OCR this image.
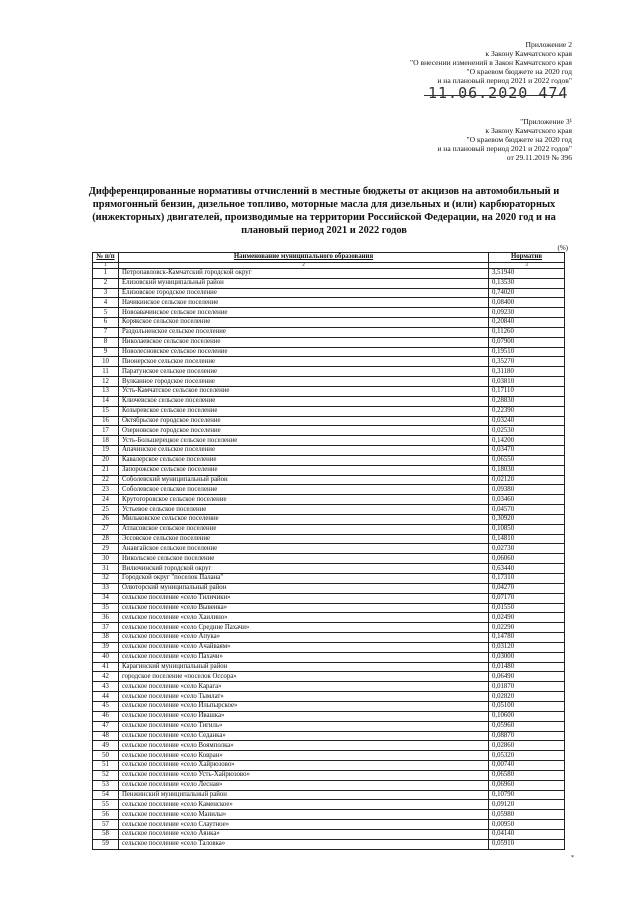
Приложение 2
к Закону Камчатского края
"О внесении изменений в Закон Камчатского края
"О краевом бюджете на 2020 год
и на плановый период 2021 и 2022 годов"
11.06.2020 474
"Приложение 3¹
к Закону Камчатского края
"О краевом бюджете на 2020 год
и на плановый период 2021 и 2022 годов"
от 29.11.2019 № 396
Дифференцированные нормативы отчислений в местные бюджеты от акцизов на автомобильный и прямогонный бензин, дизельное топливо, моторные масла для дизельных и (или) карбюраторных (инжекторных) двигателей, производимые на территории Российской Федерации, на 2020 год и на плановый период 2021 и 2022 годов
(%)
№ п/п	Наименование муниципального образования	Норматив
1	2	3
1	Петропавловск-Камчатский городской округ	3,51940
2	Елизовский муниципальный район	0,13530
3	Елизовское городское поселение	0,74020
4	Начикинское сельское поселение	0,08400
5	Новоавачинское сельское поселение	0,09230
6	Корякское сельское поселение	0,20840
7	Раздольненское сельское поселение	0,11260
8	Николаевское сельское поселение	0,07900
9	Новолесновское сельское поселение	0,19510
10	Пионерское сельское поселение	0,35270
11	Паратунское сельское поселение	0,31180
12	Вулканное городское поселение	0,03810
13	Усть-Камчатское сельское поселение	0,17110
14	Ключевское сельское поселение	0,28830
15	Козыревское сельское поселение	0,22390
16	Октябрьское городское поселение	0,03240
17	Озерновское городское поселение	0,02530
18	Усть-Большерецкое сельское поселение	0,14200
19	Апачинское сельское поселение	0,03470
20	Кавалерское сельское поселение	0,06550
21	Запорожское сельское поселение	0,18030
22	Соболевский муниципальный район	0,02120
23	Соболевское сельское поселение	0,09380
24	Крутогоровское сельское поселение	0,03460
25	Устьевое сельское поселение	0,04570
26	Мильковское сельское поселение	0,30920
27	Атласовское сельское поселение	0,10850
28	Эссовское сельское поселение	0,14810
29	Анавгайское сельское поселение	0,02730
30	Никольское сельское поселение	0,06060
31	Вилючинский городской округ	0,63440
32	Городской округ "поселок Палана"	0,17310
33	Олюторский муниципальный район	0,04270
34	сельское поселение «село Тиличики»	0,07170
35	сельское поселение «село Вывенка»	0,01550
36	сельское поселение «село Хаилино»	0,02490
37	сельское поселение «село Средние Пахачи»	0,02290
38	сельское поселение «село Апука»	0,14780
39	сельское поселение «село Ачайваям»	0,03120
40	сельское поселение «село Пахачи»	0,03000
41	Карагинский муниципальный район	0,01480
42	городское поселение «поселок Оссора»	0,06490
43	сельское поселение «село Карага»	0,01870
44	сельское поселение «село Тымлат»	0,02820
45	сельское поселение «село Ильпырское»	0,05100
46	сельское поселение «село Ивашка»	0,10600
47	сельское поселение «село Тигиль»	0,05960
48	сельское поселение «село Седанка»	0,08870
49	сельское поселение «село Воямполка»	0,02860
50	сельское поселение «село Ковран»	0,05320
51	сельское поселение «село Хайрюзово»	0,00740
52	сельское поселение «село Усть-Хайрюзово»	0,06580
53	сельское поселение «село Лесная»	0,06960
54	Пенжинский муниципальный район	0,10790
55	сельское поселение «село Каменское»	0,09120
56	сельское поселение «село Манилы»	0,05980
57	сельское поселение «село Слаутное»	0,00950
58	сельское поселение «село Аянка»	0,04140
59	сельское поселение «село Таловка»	0,05910
*
